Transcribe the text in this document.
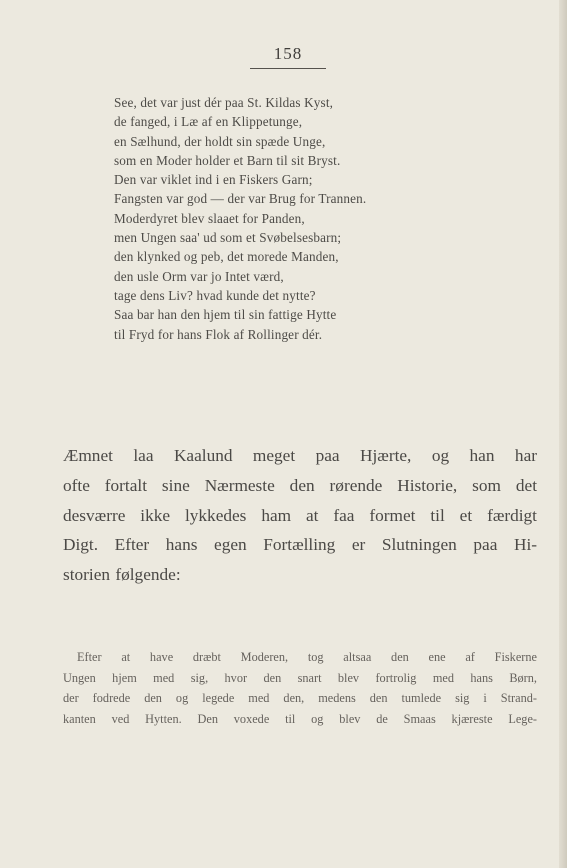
158
See, det var just dér paa St. Kildas Kyst,
de fanged, i Læ af en Klippetunge,
en Sælhund, der holdt sin spæde Unge,
som en Moder holder et Barn til sit Bryst.
Den var viklet ind i en Fiskers Garn;
Fangsten var god — der var Brug for Trannen.
Moderdyret blev slaaet for Panden,
men Ungen saa' ud som et Svøbelsesbarn;
den klynked og peb, det morede Manden,
den usle Orm var jo Intet værd,
tage dens Liv? hvad kunde det nytte?
Saa bar han den hjem til sin fattige Hytte
til Fryd for hans Flok af Rollinger dér.
Æmnet laa Kaalund meget paa Hjærte, og han har
ofte fortalt sine Nærmeste den rørende Historie, som det
desværre ikke lykkedes ham at faa formet til et færdigt
Digt. Efter hans egen Fortælling er Slutningen paa Hi-
storien følgende:
Efter at have dræbt Moderen, tog altsaa den ene af Fiskerne
Ungen hjem med sig, hvor den snart blev fortrolig med hans Børn,
der fodrede den og legede med den, medens den tumlede sig i Strand-
kanten ved Hytten. Den voxede til og blev de Smaas kjæreste Lege-
